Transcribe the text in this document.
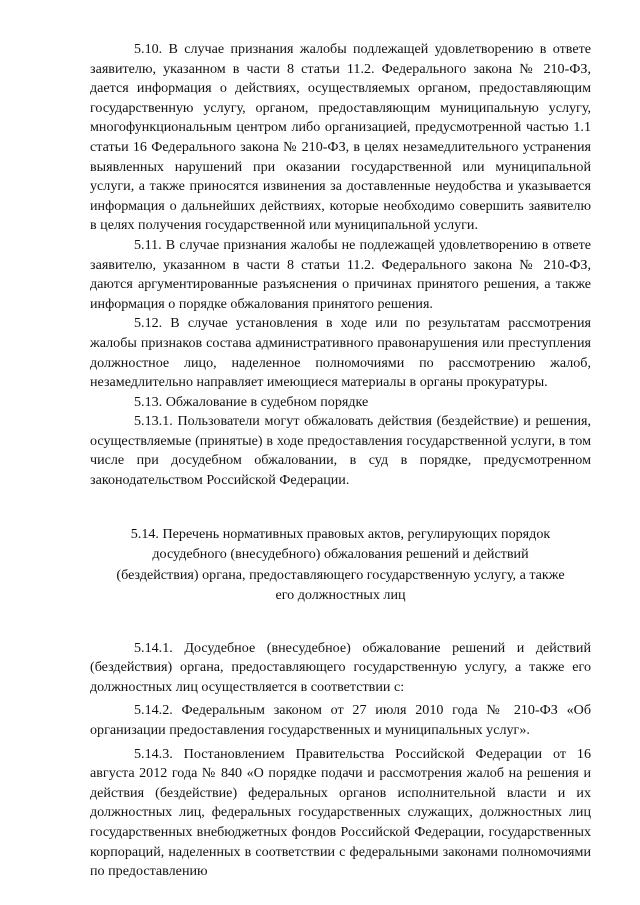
5.10. В случае признания жалобы подлежащей удовлетворению в ответе заявителю, указанном в части 8 статьи 11.2. Федерального закона № 210-ФЗ, дается информация о действиях, осуществляемых органом, предоставляющим государственную услугу, органом, предоставляющим муниципальную услугу, многофункциональным центром либо организацией, предусмотренной частью 1.1 статьи 16 Федерального закона № 210-ФЗ, в целях незамедлительного устранения выявленных нарушений при оказании государственной или муниципальной услуги, а также приносятся извинения за доставленные неудобства и указывается информация о дальнейших действиях, которые необходимо совершить заявителю в целях получения государственной или муниципальной услуги.

5.11. В случае признания жалобы не подлежащей удовлетворению в ответе заявителю, указанном в части 8 статьи 11.2. Федерального закона № 210-ФЗ, даются аргументированные разъяснения о причинах принятого решения, а также информация о порядке обжалования принятого решения.

5.12. В случае установления в ходе или по результатам рассмотрения жалобы признаков состава административного правонарушения или преступления должностное лицо, наделенное полномочиями по рассмотрению жалоб, незамедлительно направляет имеющиеся материалы в органы прокуратуры.

5.13. Обжалование в судебном порядке

5.13.1. Пользователи могут обжаловать действия (бездействие) и решения, осуществляемые (принятые) в ходе предоставления государственной услуги, в том числе при досудебном обжаловании, в суд в порядке, предусмотренном законодательством Российской Федерации.

5.14. Перечень нормативных правовых актов, регулирующих порядок
досудебного (внесудебного) обжалования решений и действий
(бездействия) органа, предоставляющего государственную услугу, а также
его должностных лиц

5.14.1. Досудебное (внесудебное) обжалование решений и действий (бездействия) органа, предоставляющего государственную услугу, а также его должностных лиц осуществляется в соответствии с:

5.14.2. Федеральным законом от 27 июля 2010 года № 210-ФЗ «Об организации предоставления государственных и муниципальных услуг».

5.14.3. Постановлением Правительства Российской Федерации от 16 августа 2012 года № 840 «О порядке подачи и рассмотрения жалоб на решения и действия (бездействие) федеральных органов исполнительной власти и их должностных лиц, федеральных государственных служащих, должностных лиц государственных внебюджетных фондов Российской Федерации, государственных корпораций, наделенных в соответствии с федеральными законами полномочиями по предоставлению
